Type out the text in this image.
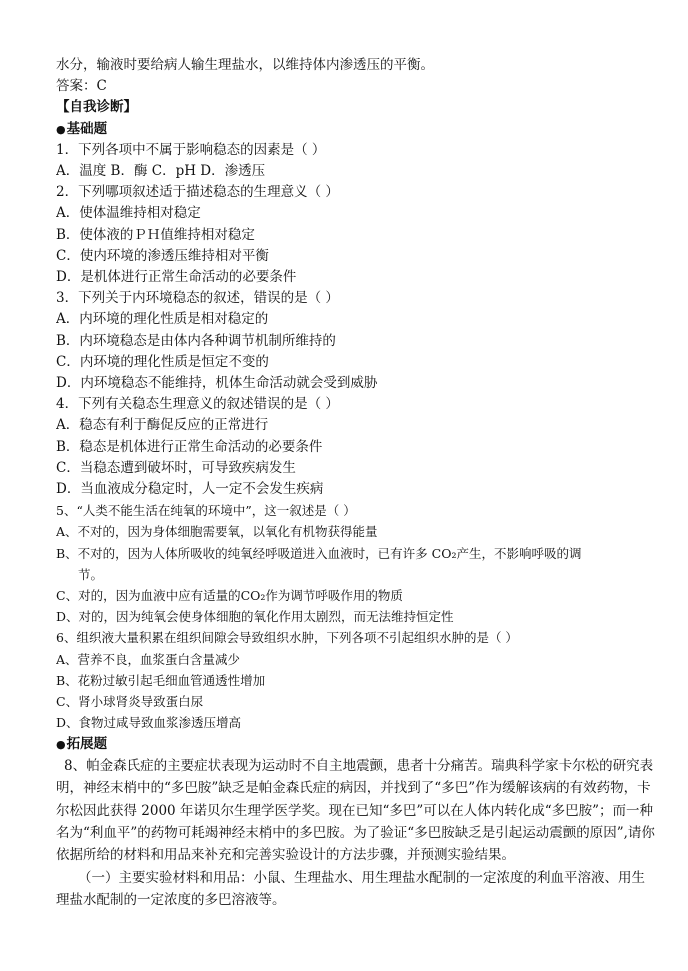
水分，输液时要给病人输生理盐水，以维持体内渗透压的平衡。
答案：C
【自我诊断】
● 基础题
1．下列各项中不属于影响稳态的因素是（ ）
A．温度 B．酶 C．pH D．渗透压
2．下列哪项叙述适于描述稳态的生理意义（ ）
A．使体温维持相对稳定
B．使体液的ＰＨ值维持相对稳定
C．使内环境的渗透压维持相对平衡
D．是机体进行正常生命活动的必要条件
3．下列关于内环境稳态的叙述，错误的是（ ）
A．内环境的理化性质是相对稳定的
B．内环境稳态是由体内各种调节机制所维持的
C．内环境的理化性质是恒定不变的
D．内环境稳态不能维持，机体生命活动就会受到威胁
4．下列有关稳态生理意义的叙述错误的是（ ）
A．稳态有利于酶促反应的正常进行
B．稳态是机体进行正常生命活动的必要条件
C．当稳态遭到破坏时，可导致疾病发生
D．当血液成分稳定时，人一定不会发生疾病
5、“人类不能生活在纯氧的环境中”，这一叙述是（ ）
A、不对的，因为身体细胞需要氧，以氧化有机物获得能量
B、不对的，因为人体所吸收的纯氧经呼吸道进入血液时，已有许多 CO₂产生，不影响呼吸的调
节。
C、对的，因为血液中应有适量的CO₂作为调节呼吸作用的物质
D、对的，因为纯氧会使身体细胞的氧化作用太剧烈，而无法维持恒定性
6、组织液大量积累在组织间隙会导致组织水肿，下列各项不引起组织水肿的是（ ）
A、营养不良，血浆蛋白含量减少
B、花粉过敏引起毛细血管通透性增加
C、肾小球肾炎导致蛋白尿
D、食物过咸导致血浆渗透压增高
● 拓展题
8、帕金森氏症的主要症状表现为运动时不自主地震颤，患者十分痛苦。瑞典科学家卡尔松的研究表明，神经末梢中的“多巴胺”缺乏是帕金森氏症的病因，并找到了“多巴”作为缓解该病的有效药物，卡尔松因此获得 2000 年诺贝尔生理学医学奖。现在已知“多巴”可以在人体内转化成“多巴胺”；而一种名为“利血平”的药物可耗竭神经末梢中的多巴胺。为了验证“多巴胺缺乏是引起运动震颤的原因”,请你依据所给的材料和用品来补充和完善实验设计的方法步骤，并预测实验结果。
（一）主要实验材料和用品：小鼠、生理盐水、用生理盐水配制的一定浓度的利血平溶液、用生理盐水配制的一定浓度的多巴溶液等。
